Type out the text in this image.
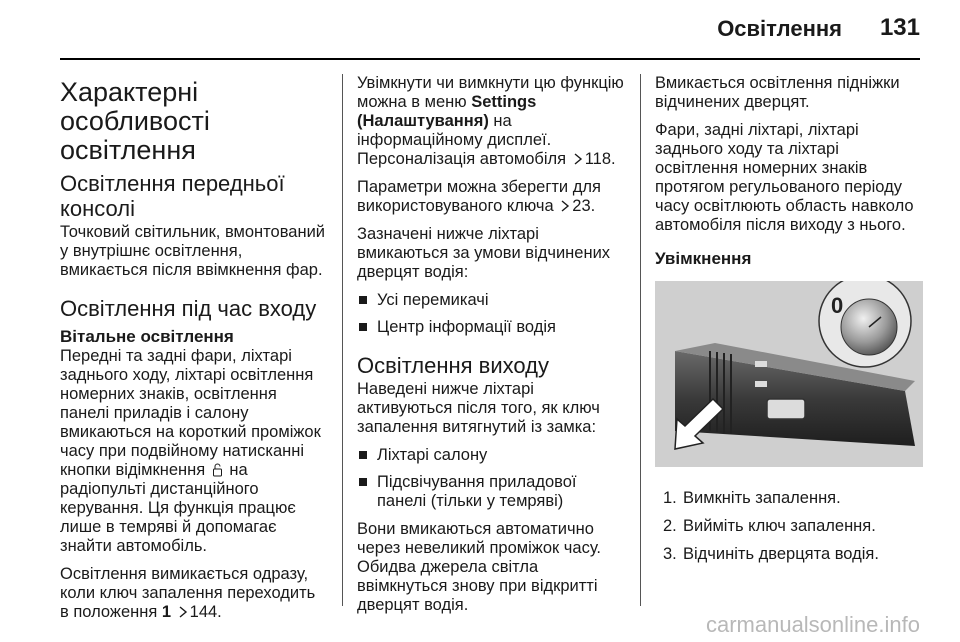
Освітлення 131
Характерні особливості освітлення
Освітлення передньої консолі

Точковий світильник, вмонтований у внутрішнє освітлення, вмикається після ввімкнення фар.

Освітлення під час входу
Вітальне освітлення

Передні та задні фари, ліхтарі заднього ходу, ліхтарі освітлення номерних знаків, освітлення панелі приладів і салону вмикаються на короткий проміжок часу при подвійному натисканні кнопки відімкнення на радіопульті дистанційного керування. Ця функція працює лише в темряві й допомагає знайти автомобіль.

Освітлення вимикається одразу, коли ключ запалення переходить в положення 1 144.

Увімкнути чи вимкнути цю функцію можна в меню Settings (Налаштування) на інформаційному дисплеї. Персоналізація автомобіля 118.

Параметри можна зберегти для використовуваного ключа 23.

Зазначені нижче ліхтарі вмикаються за умови відчинених дверцят водія:

Усі перемикачі
Центр інформації водія
Освітлення виходу

Наведені нижче ліхтарі активуються після того, як ключ запалення витягнутий із замка:

Ліхтарі салону
Підсвічування приладової панелі (тільки у темряві)

Вони вмикаються автоматично через невеликий проміжок часу. Обидва джерела світла ввімкнуться знову при відкритті дверцят водія.

Вмикається освітлення підніжки відчинених дверцят.

Фари, задні ліхтарі, ліхтарі заднього ходу та ліхтарі освітлення номерних знаків протягом регульованого періоду часу освітлюють область навколо автомобіля після виходу з нього.

Увімкнення
0
1. Вимкніть запалення.
2. Вийміть ключ запалення.
3. Відчиніть дверцята водія.
carmanualsonline.info
